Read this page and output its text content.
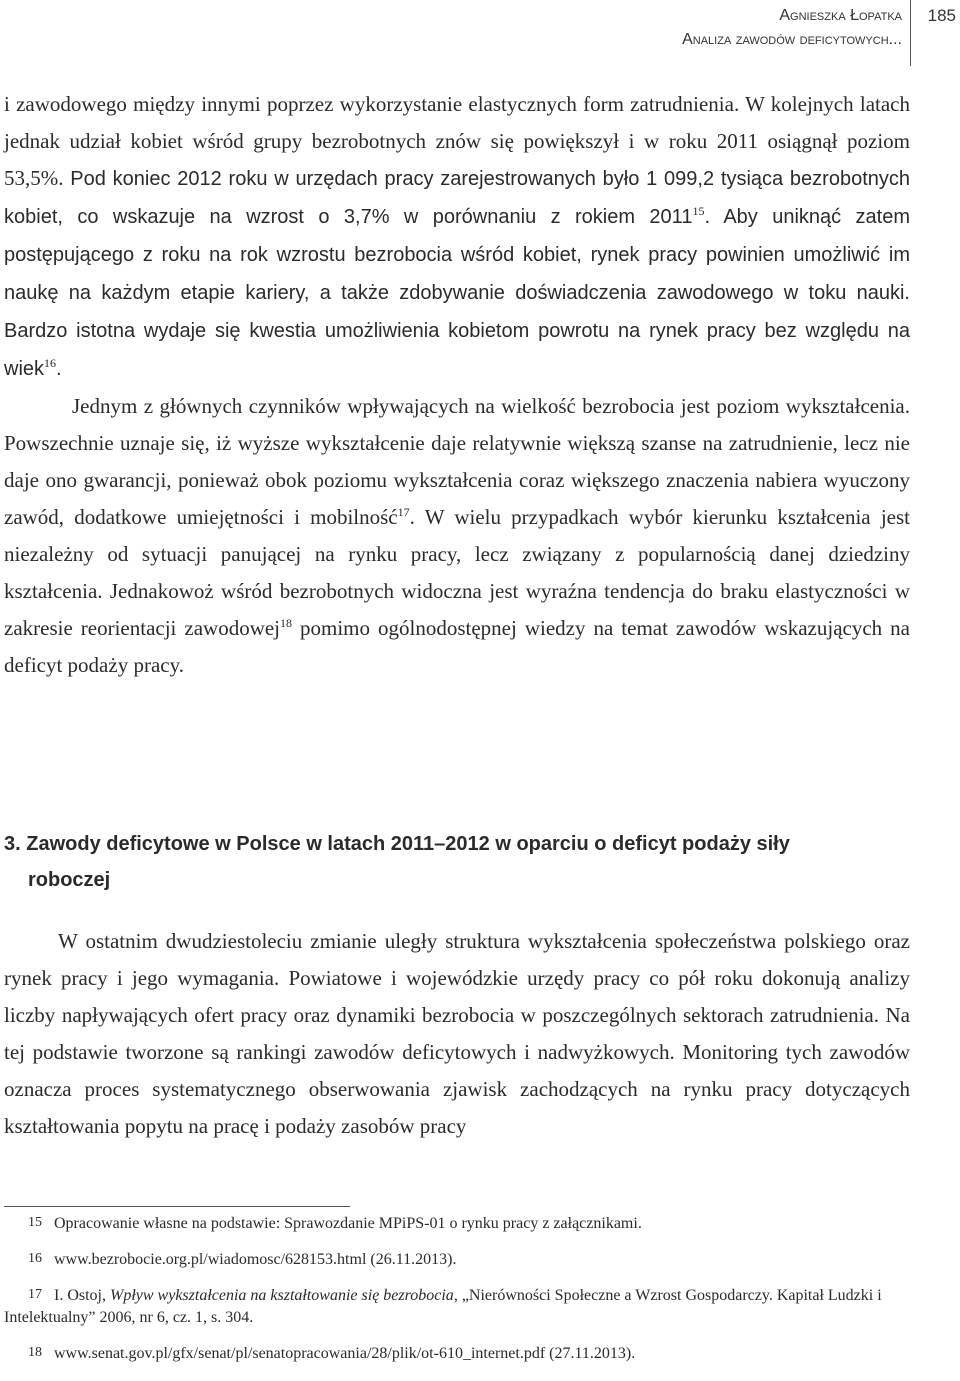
Agnieszka Łopatka
Analiza zawodów deficytowych...
185

i zawodowego między innymi poprzez wykorzystanie elastycznych form zatrudnienia. W kolejnych latach jednak udział kobiet wśród grupy bezrobotnych znów się powiększył i w roku 2011 osiągnął poziom 53,5%. Pod koniec 2012 roku w urzędach pracy zarejestrowanych było 1 099,2 tysiąca bezrobotnych kobiet, co wskazuje na wzrost o 3,7% w porównaniu z rokiem 2011$^{15}$. Aby uniknąć zatem postępującego z roku na rok wzrostu bezrobocia wśród kobiet, rynek pracy powinien umożliwić im naukę na każdym etapie kariery, a także zdobywanie doświadczenia zawodowego w toku nauki. Bardzo istotna wydaje się kwestia umożliwienia kobietom powrotu na rynek pracy bez względu na wiek$^{16}$.

Jednym z głównych czynników wpływających na wielkość bezrobocia jest poziom wykształcenia. Powszechnie uznaje się, iż wyższe wykształcenie daje relatywnie większą szanse na zatrudnienie, lecz nie daje ono gwarancji, ponieważ obok poziomu wykształcenia coraz większego znaczenia nabiera wyuczony zawód, dodatkowe umiejętności i mobilność$^{17}$. W wielu przypadkach wybór kierunku kształcenia jest niezależny od sytuacji panującej na rynku pracy, lecz związany z popularnością danej dziedziny kształcenia. Jednakowoż wśród bezrobotnych widoczna jest wyraźna tendencja do braku elastyczności w zakresie reorientacji zawodowej$^{18}$ pomimo ogólnodostępnej wiedzy na temat zawodów wskazujących na deficyt podaży pracy.

3. Zawody deficytowe w Polsce w latach 2011–2012 w oparciu o deficyt podaży siły
roboczej

W ostatnim dwudziestoleciu zmianie uległy struktura wykształcenia społeczeństwa polskiego oraz rynek pracy i jego wymagania. Powiatowe i wojewódzkie urzędy pracy co pół roku dokonują analizy liczby napływających ofert pracy oraz dynamiki bezrobocia w poszczególnych sektorach zatrudnienia. Na tej podstawie tworzone są rankingi zawodów deficytowych i nadwyżkowych. Monitoring tych zawodów oznacza proces systematycznego obserwowania zjawisk zachodzących na rynku pracy dotyczących kształtowania popytu na pracę i podaży zasobów pracy

15 Opracowanie własne na podstawie: Sprawozdanie MPiPS-01 o rynku pracy z załącznikami.

16 www.bezrobocie.org.pl/wiadomosc/628153.html (26.11.2013).

17 I. Ostoj, Wpływ wykształcenia na kształtowanie się bezrobocia, „Nierówności Społeczne a Wzrost Gospodarczy. Kapitał Ludzki i Intelektualny” 2006, nr 6, cz. 1, s. 304.

18 www.senat.gov.pl/gfx/senat/pl/senatopracowania/28/plik/ot-610_internet.pdf (27.11.2013).
